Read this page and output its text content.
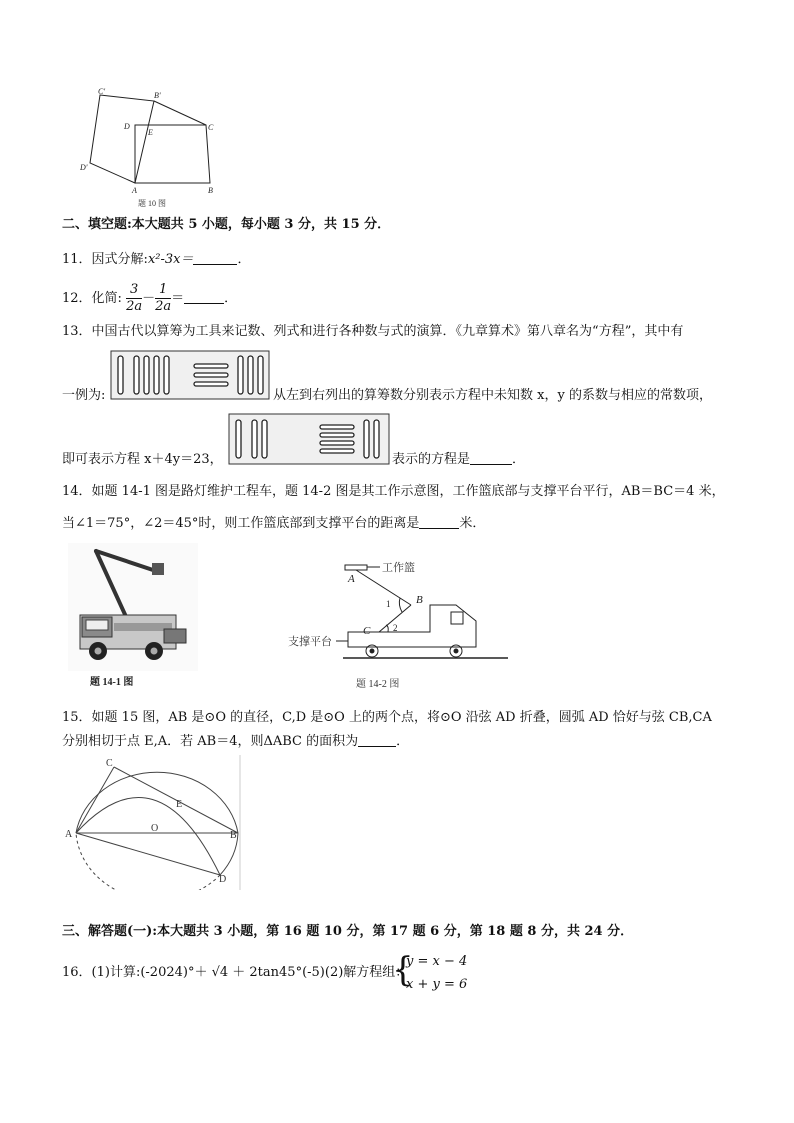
C'	B'
D
E
C
D'
A	B
题 10 图
二、填空题:本大题共 5 小题，每小题 3 分，共 15 分．
11．因式分解:x²-3x＝	．
12．化简: $\frac{3}{2a} - \frac{1}{2a}$ ＝	．
13．中国古代以算筹为工具来记数、列式和进行各种数与式的演算．《九章算术》第八章名为“方程”，其中有
一例为:	从左到右列出的算筹数分别表示方程中未知数 x，y 的系数与相应的常数项，
即可表示方程 x＋4y＝23，	表示的方程是	．
14．如题 14-1 图是路灯维护工程车，题 14-2 图是其工作示意图，工作篮底部与支撑平台平行，AB＝BC＝4 米，
当∠1＝75°，∠2＝45°时，则工作篮底部到支撑平台的距离是	米．
题 14-1 图
工作篮
A
B
C
1
2
支撑平台
题 14-2 图
15．如题 15 图，AB 是⊙O 的直径，C,D 是⊙O 上的两个点，将⊙O 沿弦 AD 折叠，圆弧 AD 恰好与弦 CB,CA
分别相切于点 E,A．若 AB＝4，则ΔABC 的面积为	．
A	B
C
D
E
O
三、解答题(一):本大题共 3 小题，第 16 题 10 分，第 17 题 6 分，第 18 题 8 分，共 24 分．
16．(1)计算:(-2024)°＋ √4 ＋ 2tan45°(-5)(2)解方程组：
{
y = x − 4
x + y = 6
